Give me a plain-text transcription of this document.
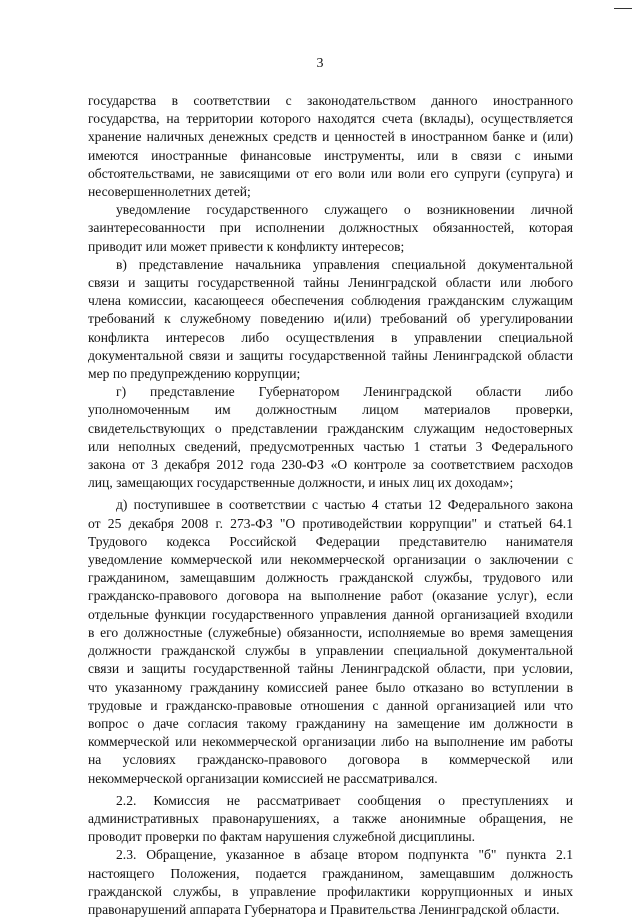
3

государства в соответствии с законодательством данного иностранного
государства, на территории которого находятся счета (вклады), осуществляется
хранение наличных денежных средств и ценностей в иностранном банке и (или)
имеются иностранные финансовые инструменты, или в связи с иными
обстоятельствами, не зависящими от его воли или воли его супруги (супруга) и
несовершеннолетних детей;

уведомление государственного служащего о возникновении личной
заинтересованности при исполнении должностных обязанностей, которая
приводит или может привести к конфликту интересов;

в) представление начальника управления специальной документальной
связи и защиты государственной тайны Ленинградской области или любого
члена комиссии, касающееся обеспечения соблюдения гражданским служащим
требований к служебному поведению и(или) требований об урегулировании
конфликта интересов либо осуществления в управлении специальной
документальной связи и защиты государственной тайны Ленинградской области
мер по предупреждению коррупции;

г) представление Губернатором Ленинградской области либо
уполномоченным им должностным лицом материалов проверки,
свидетельствующих о представлении гражданским служащим недостоверных
или неполных сведений, предусмотренных частью 1 статьи 3 Федерального
закона от 3 декабря 2012 года 230-ФЗ «О контроле за соответствием расходов
лиц, замещающих государственные должности, и иных лиц их доходам»;

д) поступившее в соответствии с частью 4 статьи 12 Федерального закона
от 25 декабря 2008 г. 273-ФЗ "О противодействии коррупции" и статьей 64.1
Трудового кодекса Российской Федерации представителю нанимателя
уведомление коммерческой или некоммерческой организации о заключении с
гражданином, замещавшим должность гражданской службы, трудового или
гражданско-правового договора на выполнение работ (оказание услуг), если
отдельные функции государственного управления данной организацией входили
в его должностные (служебные) обязанности, исполняемые во время замещения
должности гражданской службы в управлении специальной документальной
связи и защиты государственной тайны Ленинградской области, при условии,
что указанному гражданину комиссией ранее было отказано во вступлении в
трудовые и гражданско-правовые отношения с данной организацией или что
вопрос о даче согласия такому гражданину на замещение им должности в
коммерческой или некоммерческой организации либо на выполнение им работы
на условиях гражданско-правового договора в коммерческой или
некоммерческой организации комиссией не рассматривался.

2.2. Комиссия не рассматривает сообщения о преступлениях и
административных правонарушениях, а также анонимные обращения, не
проводит проверки по фактам нарушения служебной дисциплины.

2.3. Обращение, указанное в абзаце втором подпункта "б" пункта 2.1
настоящего Положения, подается гражданином, замещавшим должность
гражданской службы, в управление профилактики коррупционных и иных
правонарушений аппарата Губернатора и Правительства Ленинградской области.
